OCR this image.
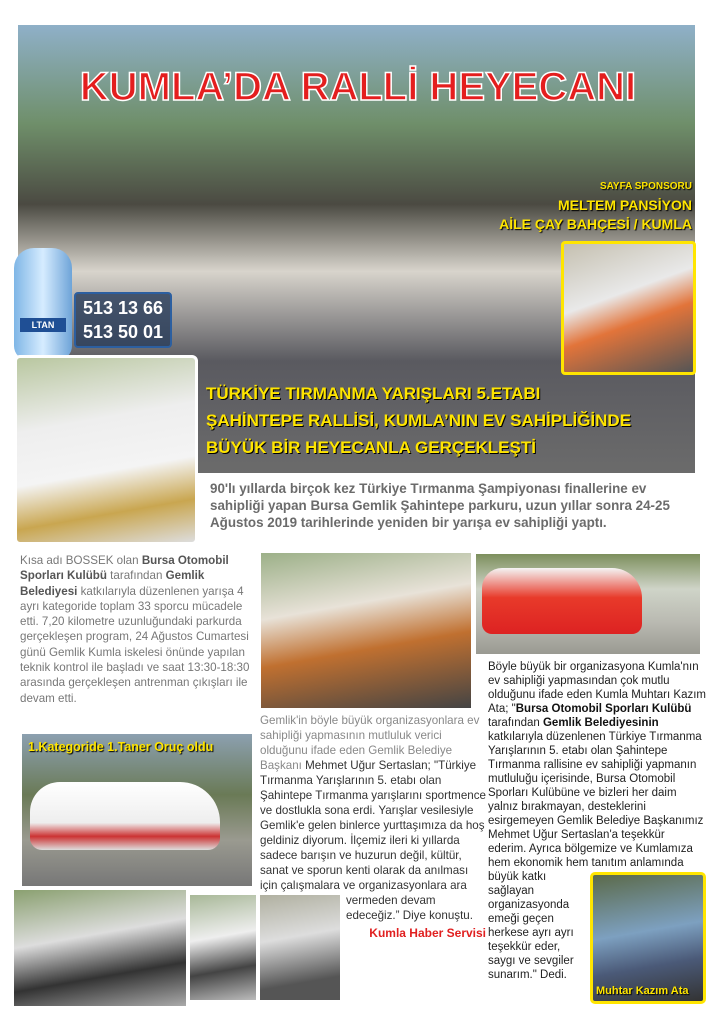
KUMLA’DA RALLİ HEYECANI
SAYFA SPONSORU
MELTEM PANSİYON
AİLE ÇAY BAHÇESİ / KUMLA
LTAN
513 13 66
513 50 01
TÜRKİYE TIRMANMA YARIŞLARI 5.ETABI
ŞAHİNTEPE RALLİSİ, KUMLA’NIN EV SAHİPLİĞİNDE
BÜYÜK BİR HEYECANLA GERÇEKLEŞTİ
90'lı yıllarda birçok kez Türkiye Tırmanma Şampiyonası finallerine ev sahipliği yapan Bursa Gemlik Şahintepe parkuru, uzun yıllar sonra 24-25 Ağustos 2019 tarihlerinde yeniden bir yarışa ev sahipliği yaptı.
Kısa adı BOSSEK olan Bursa Otomobil Sporları Kulübü tarafından Gemlik Belediyesi katkılarıyla düzenlenen yarışa 4 ayrı kategoride toplam 33 sporcu mücadele etti. 7,20 kilometre uzunluğundaki parkurda gerçekleşen program, 24 Ağustos Cumartesi günü Gemlik Kumla iskelesi önünde yapılan teknik kontrol ile başladı ve saat 13:30-18:30 arasında gerçekleşen antrenman çıkışları ile devam etti.
1.Kategoride 1.Taner Oruç oldu
Gemlik'in böyle büyük organizasyonlara ev sahipliği yapmasının mutluluk verici olduğunu ifade eden Gemlik Belediye Başkanı Mehmet Uğur Sertaslan; "Türkiye Tırmanma Yarışlarının 5. etabı olan Şahintepe Tırmanma yarışlarını sportmence ve dostlukla sona erdi. Yarışlar vesilesiyle Gemlik'e gelen binlerce yurttaşımıza da hoş geldiniz diyorum. İlçemiz ileri ki yıllarda sadece barışın ve huzurun değil, kültür, sanat ve sporun kenti olarak da anılması için çalışmalara ve organizasyonlara ara vermeden devam edeceğiz.” Diye konuştu.
Kumla Haber Servisi
Muhtar Kazım Ata
Böyle büyük bir organizasyona Kumla'nın ev sahipliği yapmasından çok mutlu olduğunu ifade eden Kumla Muhtarı Kazım Ata; "Bursa Otomobil Sporları Kulübü tarafından Gemlik Belediyesinin katkılarıyla düzenlenen Türkiye Tırmanma Yarışlarının 5. etabı olan Şahintepe Tırmanma rallisine ev sahipliği yapmanın mutluluğu içerisinde, Bursa Otomobil Sporları Kulübüne ve bizleri her daim yalnız bırakmayan, desteklerini esirgemeyen Gemlik Belediye Başkanımız Mehmet Uğur Sertaslan'a teşekkür ederim. Ayrıca bölgemize ve Kumlamıza hem ekonomik hem tanıtım anlamında büyük katkı sağlayan organizasyonda emeği geçen herkese ayrı ayrı teşekkür eder, saygı ve sevgiler sunarım." Dedi.
